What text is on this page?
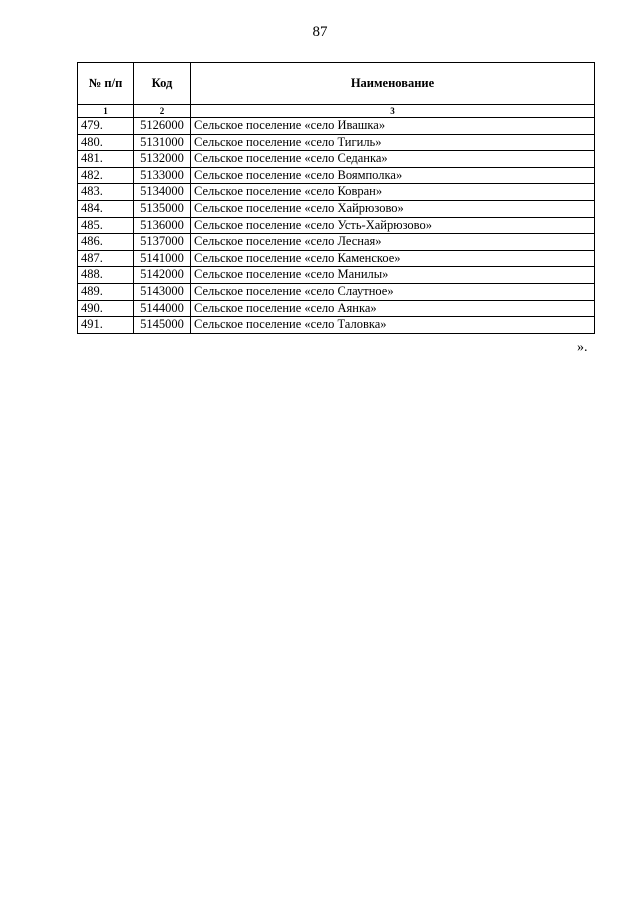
87
№ п/п	Код	Наименование
1	2	3
479.	5126000	Сельское поселение «село Ивашка»
480.	5131000	Сельское поселение «село Тигиль»
481.	5132000	Сельское поселение «село Седанка»
482.	5133000	Сельское поселение «село Воямполка»
483.	5134000	Сельское поселение «село Ковран»
484.	5135000	Сельское поселение «село Хайрюзово»
485.	5136000	Сельское поселение «село Усть-Хайрюзово»
486.	5137000	Сельское поселение «село Лесная»
487.	5141000	Сельское поселение «село Каменское»
488.	5142000	Сельское поселение «село Манилы»
489.	5143000	Сельское поселение «село Слаутное»
490.	5144000	Сельское поселение «село Аянка»
491.	5145000	Сельское поселение «село Таловка»
».
